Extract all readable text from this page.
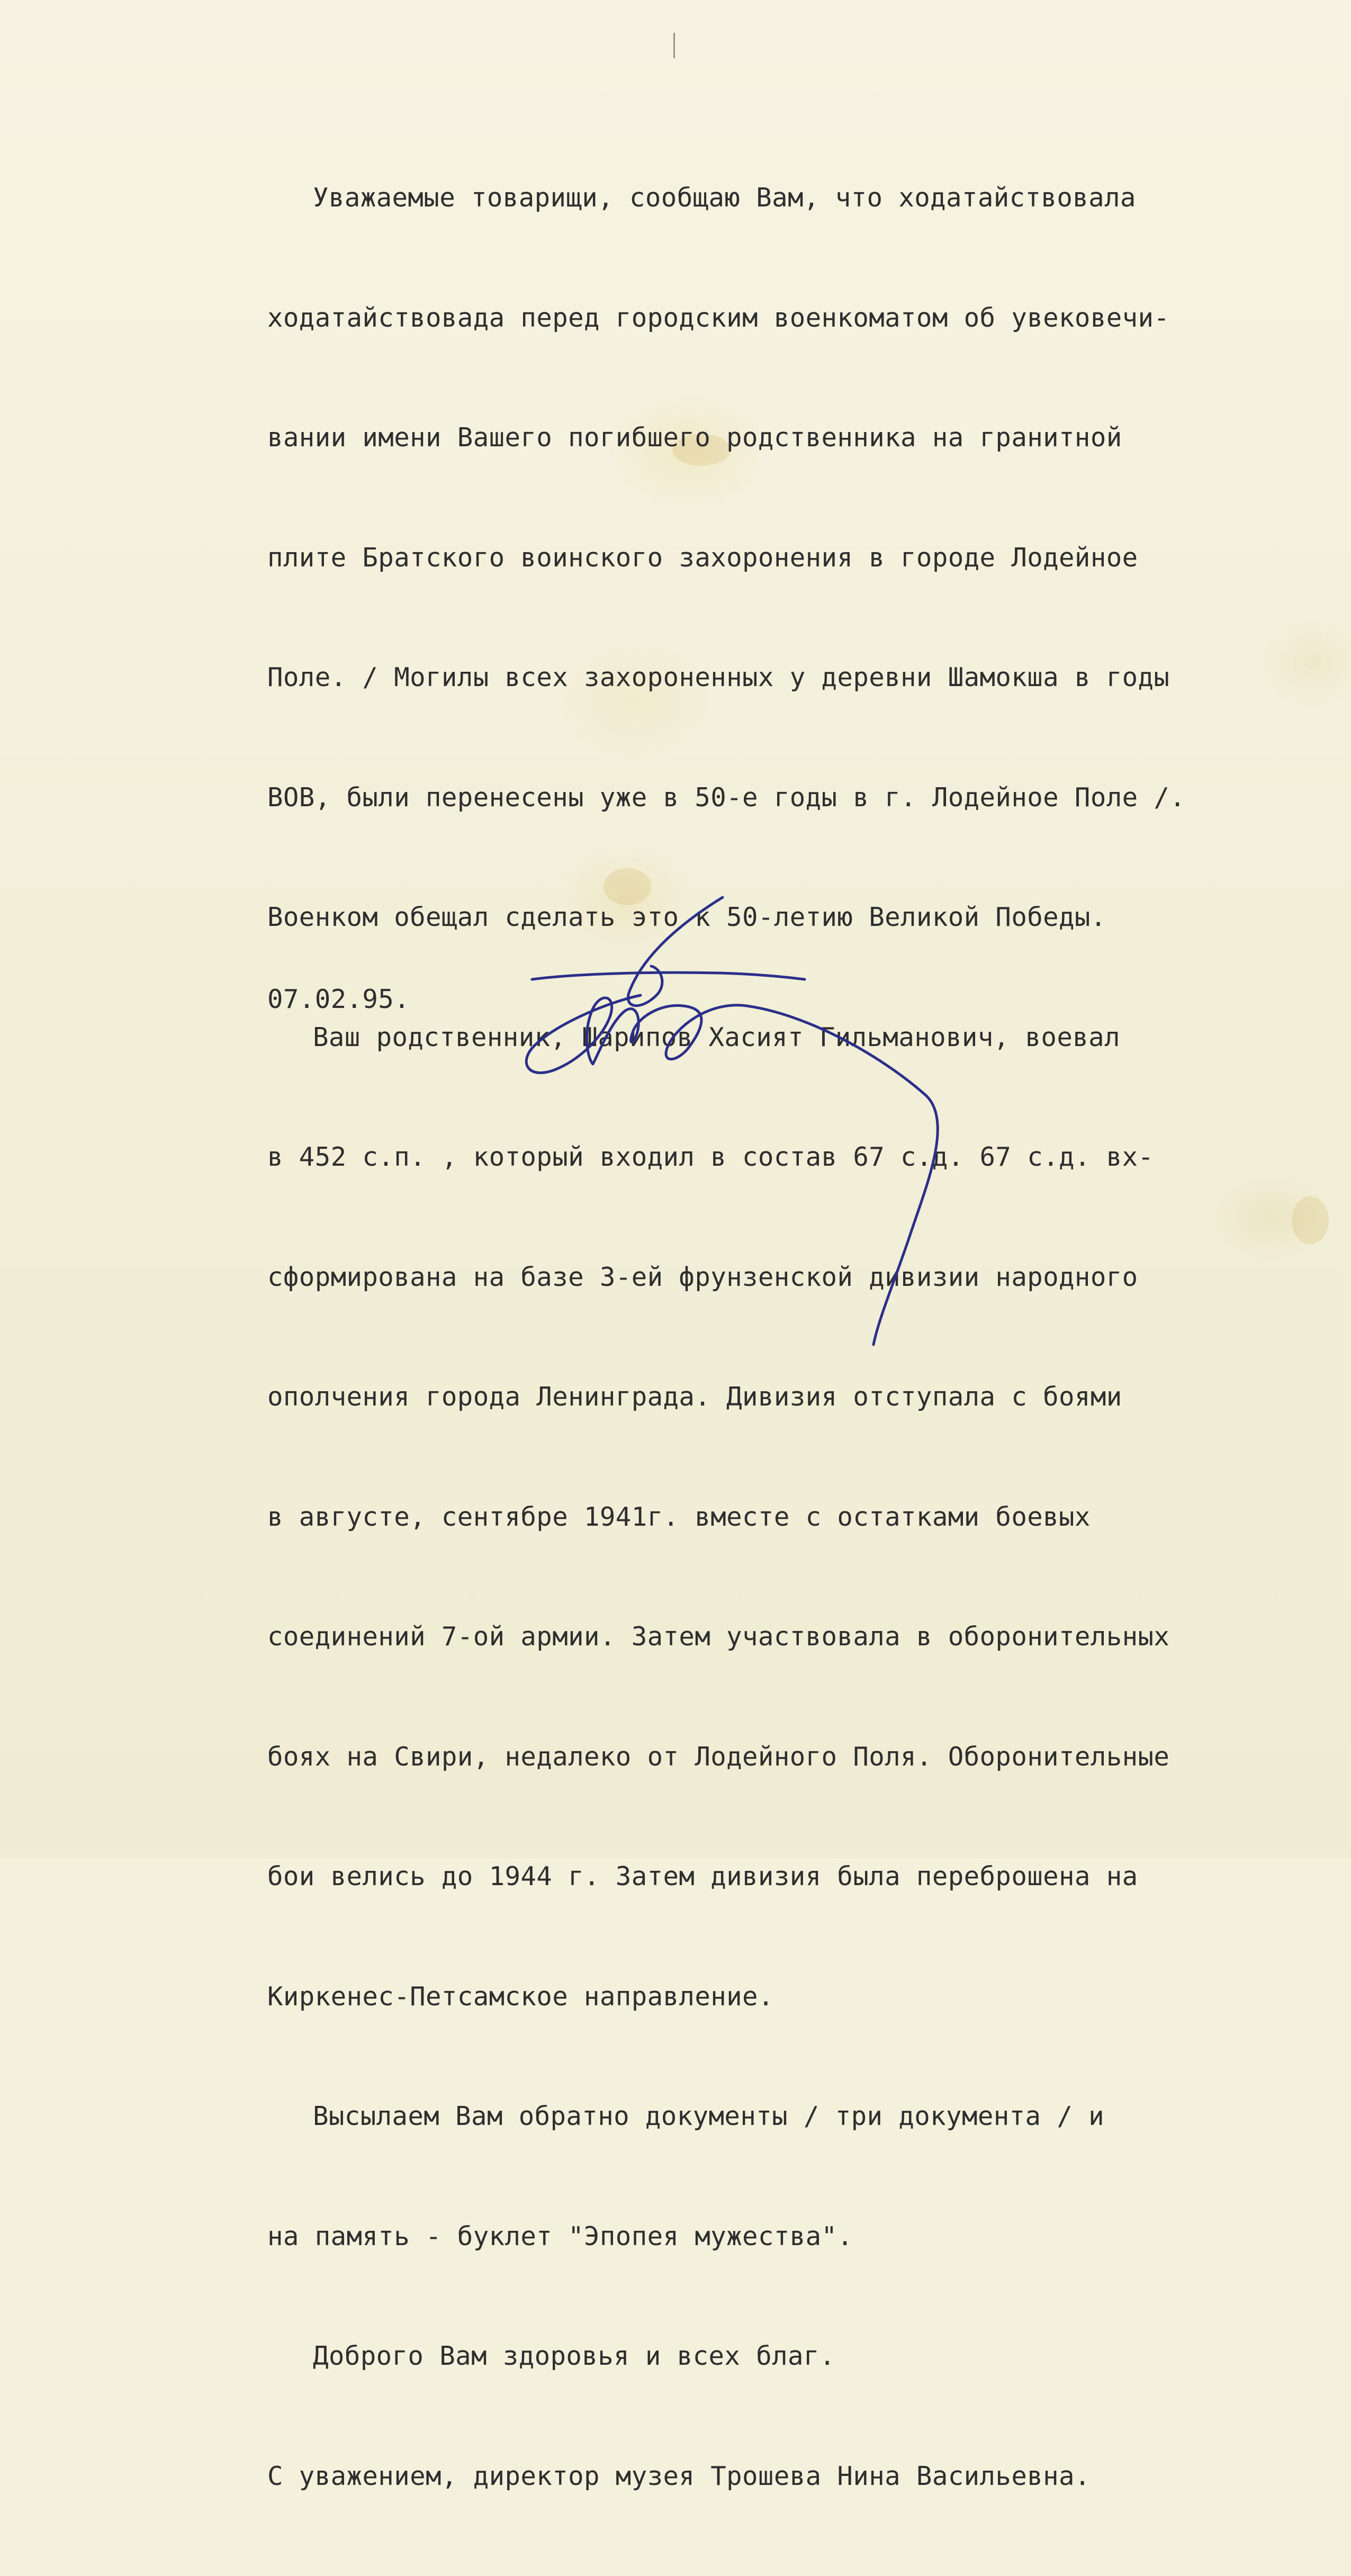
Уважаемые товарищи, сообщаю Вам, что ходатайствовала

ходатайствовада перед городским военкоматом об увековечи-

вании имени Вашего погибшего родственника на гранитной

плите Братского воинского захоронения в городе Лодейное

Поле. / Могилы всех захороненных у деревни Шамокша в годы

ВОВ, были перенесены уже в 50-е годы в г. Лодейное Поле /.

Военком обещал сделать это к 50-летию Великой Победы.

Ваш родственник, Шарипов Хасият Гильманович, воевал

в 452 с.п. , который входил в состав 67 с.д. 67 с.д. вх-

сформирована на базе 3-ей фрунзенской дивизии народного

ополчения города Ленинграда. Дивизия отступала с боями

в августе, сентябре 1941г. вместе с остатками боевых

соединений 7-ой армии. Затем участвовала в оборонительных

боях на Свири, недалеко от Лодейного Поля. Оборонительные

бои велись до 1944 г. Затем дивизия была переброшена на

Киркенес-Петсамское направление.

Высылаем Вам обратно документы / три документа / и

на память - буклет "Эпопея мужества".

Доброго Вам здоровья и всех благ.

С уважением, директор музея Трошева Нина Васильевна.

07.02.95.
